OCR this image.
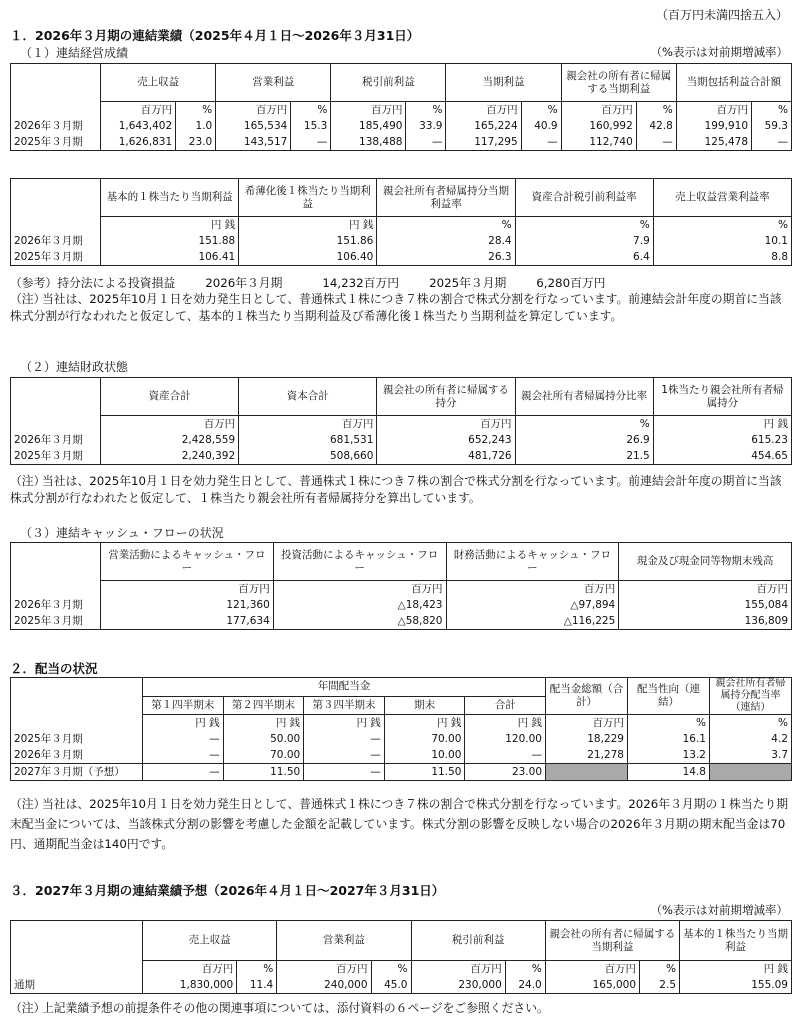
（百万円未満四捨五入）
１．2026年３月期の連結業績（2025年４月１日～2026年３月31日）
（１）連結経営成績	（%表示は対前期増減率）
	売上収益		営業利益		税引前利益		当期利益		親会社の所有者に帰属する当期利益		当期包括利益合計額	
	百万円	%	百万円	%	百万円	%	百万円	%	百万円	%	百万円	%
2026年３月期	1,643,402	1.0	165,534	15.3	185,490	33.9	165,224	40.9	160,992	42.8	199,910	59.3
2025年３月期	1,626,831	23.0	143,517	—	138,488	—	117,295	—	112,740	—	125,478	—
	基本的１株当たり当期利益	希薄化後１株当たり当期利益	親会社所有者帰属持分当期利益率	資産合計税引前利益率	売上収益営業利益率
	円 銭	円 銭	%	%	%
2026年３月期	151.88	151.86	28.4	7.9	10.1
2025年３月期	106.41	106.40	26.3	6.4	8.8
（参考）持分法による投資損益	2026年３月期	14,232百万円	2025年３月期	6,280百万円
（注）当社は、2025年10月１日を効力発生日として、普通株式１株につき７株の割合で株式分割を行なっています。前連結会計年度の期首に当該株式分割が行なわれたと仮定して、基本的１株当たり当期利益及び希薄化後１株当たり当期利益を算定しています。
（２）連結財政状態
	資産合計	資本合計	親会社の所有者に帰属する持分	親会社所有者帰属持分比率	1株当たり親会社所有者帰属持分
	百万円	百万円	百万円	%	円 銭
2026年３月期	2,428,559	681,531	652,243	26.9	615.23
2025年３月期	2,240,392	508,660	481,726	21.5	454.65
（注）当社は、2025年10月１日を効力発生日として、普通株式１株につき７株の割合で株式分割を行なっています。前連結会計年度の期首に当該株式分割が行なわれたと仮定して、１株当たり親会社所有者帰属持分を算出しています。
（３）連結キャッシュ・フローの状況
	営業活動によるキャッシュ・フロー	投資活動によるキャッシュ・フロー	財務活動によるキャッシュ・フロー	現金及び現金同等物期末残高
	百万円	百万円	百万円	百万円
2026年３月期	121,360	△18,423	△97,894	155,084
2025年３月期	177,634	△58,820	△116,225	136,809
２．配当の状況
	年間配当金					配当金総額（合計）	配当性向（連結）	親会社所有者帰属持分配当率（連結）
	第１四半期末	第２四半期末	第３四半期末	期末	合計			
	円 銭	円 銭	円 銭	円 銭	円 銭	百万円	%	%
2025年３月期	—	50.00	—	70.00	120.00	18,229	16.1	4.2
2026年３月期	—	70.00	—	10.00	—	21,278	13.2	3.7
2027年３月期（予想）	—	11.50	—	11.50	23.00		14.8	
（注）当社は、2025年10月１日を効力発生日として、普通株式１株につき７株の割合で株式分割を行なっています。2026年３月期の１株当たり期末配当金については、当該株式分割の影響を考慮した金額を記載しています。株式分割の影響を反映しない場合の2026年３月期の期末配当金は70円、通期配当金は140円です。
３．2027年３月期の連結業績予想（2026年４月１日～2027年３月31日）
（%表示は対前期増減率）
	売上収益		営業利益		税引前利益		親会社の所有者に帰属する当期利益		基本的１株当たり当期利益
	百万円	%	百万円	%	百万円	%	百万円	%	円 銭
通期	1,830,000	11.4	240,000	45.0	230,000	24.0	165,000	2.5	155.09
（注）上記業績予想の前提条件その他の関連事項については、添付資料の６ページをご参照ください。
